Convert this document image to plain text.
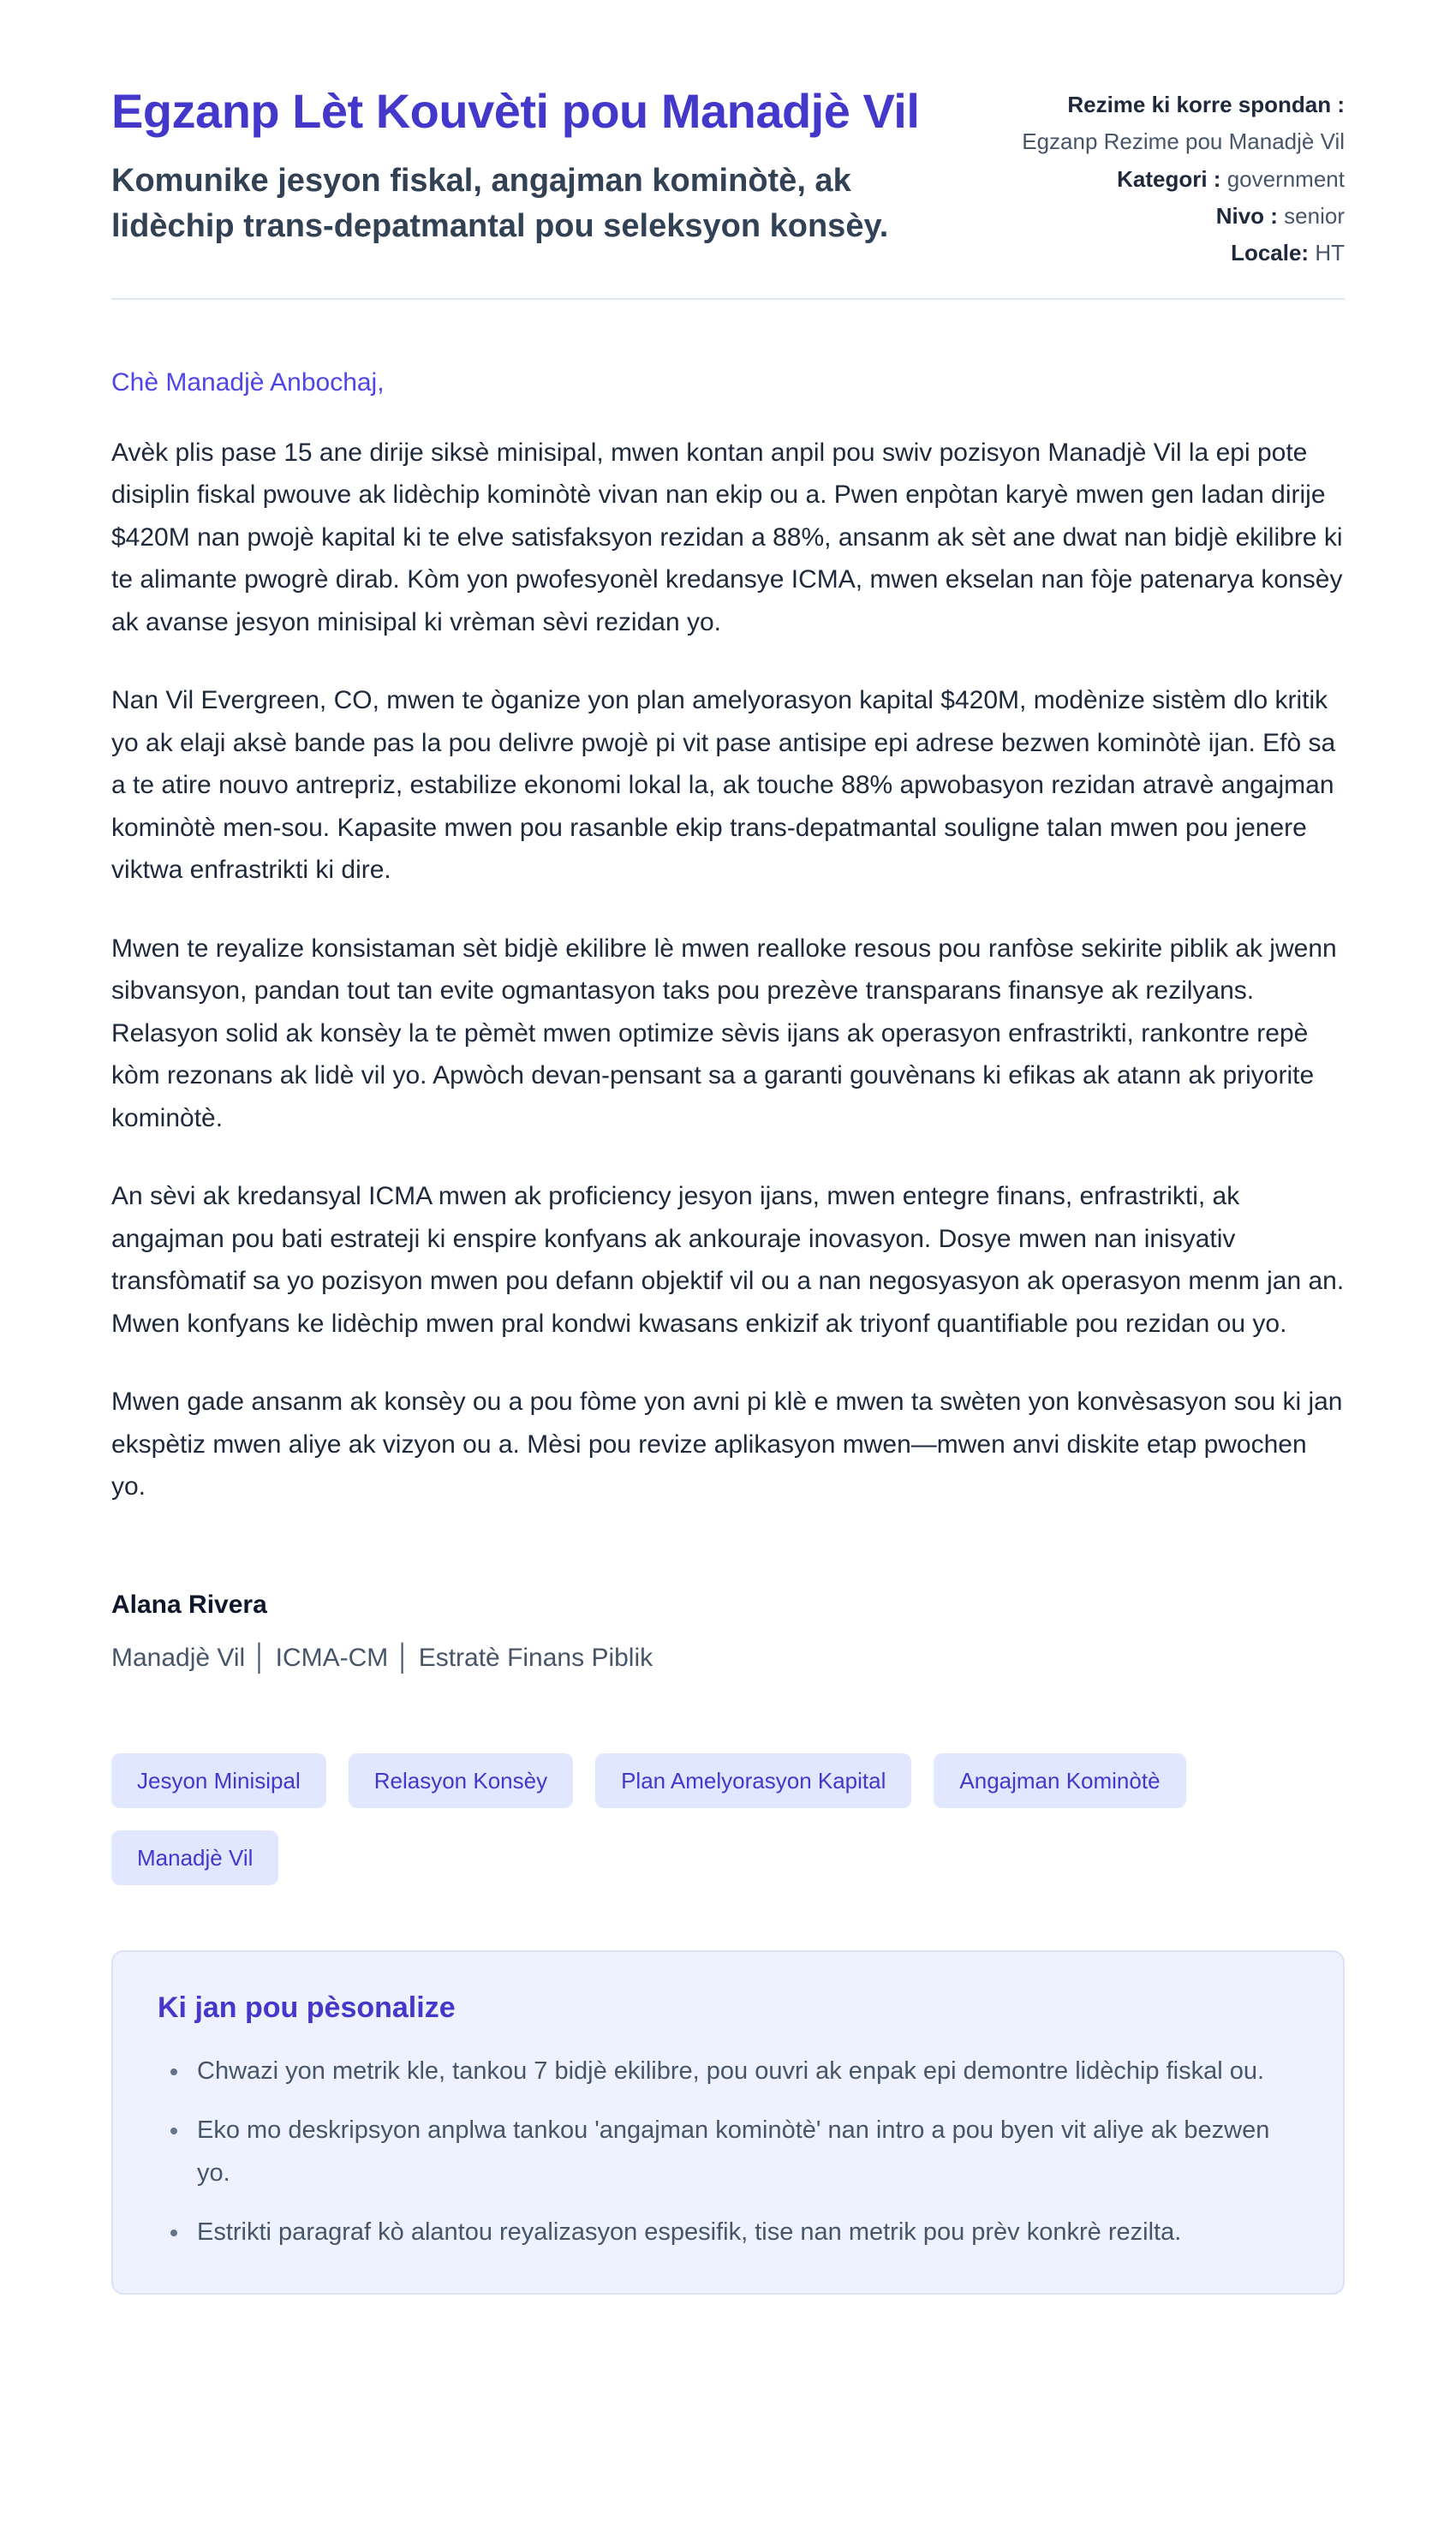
Egzanp Lèt Kouvèti pou Manadjè Vil
Komunike jesyon fiskal, angajman kominòtè, ak lidèchip trans-depatmantal pou seleksyon konsèy.
Rezime ki korre spondan :
Egzanp Rezime pou Manadjè Vil
Kategori : government
Nivo : senior
Locale: HT

Chè Manadjè Anbochaj,

Avèk plis pase 15 ane dirije siksè minisipal, mwen kontan anpil pou swiv pozisyon Manadjè Vil la epi pote disiplin fiskal pwouve ak lidèchip kominòtè vivan nan ekip ou a. Pwen enpòtan karyè mwen gen ladan dirije $420M nan pwojè kapital ki te elve satisfaksyon rezidan a 88%, ansanm ak sèt ane dwat nan bidjè ekilibre ki te alimante pwogrè dirab. Kòm yon pwofesyonèl kredansye ICMA, mwen ekselan nan fòje patenarya konsèy ak avanse jesyon minisipal ki vrèman sèvi rezidan yo.

Nan Vil Evergreen, CO, mwen te òganize yon plan amelyorasyon kapital $420M, modènize sistèm dlo kritik yo ak elaji aksè bande pas la pou delivre pwojè pi vit pase antisipe epi adrese bezwen kominòtè ijan. Efò sa a te atire nouvo antrepriz, estabilize ekonomi lokal la, ak touche 88% apwobasyon rezidan atravè angajman kominòtè men-sou. Kapasite mwen pou rasanble ekip trans-depatmantal souligne talan mwen pou jenere viktwa enfrastrikti ki dire.

Mwen te reyalize konsistaman sèt bidjè ekilibre lè mwen realloke resous pou ranfòse sekirite piblik ak jwenn sibvansyon, pandan tout tan evite ogmantasyon taks pou prezève transparans finansye ak rezilyans. Relasyon solid ak konsèy la te pèmèt mwen optimize sèvis ijans ak operasyon enfrastrikti, rankontre repè kòm rezonans ak lidè vil yo. Apwòch devan-pensant sa a garanti gouvènans ki efikas ak atann ak priyorite kominòtè.

An sèvi ak kredansyal ICMA mwen ak proficiency jesyon ijans, mwen entegre finans, enfrastrikti, ak angajman pou bati estrateji ki enspire konfyans ak ankouraje inovasyon. Dosye mwen nan inisyativ transfòmatif sa yo pozisyon mwen pou defann objektif vil ou a nan negosyasyon ak operasyon menm jan an. Mwen konfyans ke lidèchip mwen pral kondwi kwasans enkizif ak triyonf quantifiable pou rezidan ou yo.

Mwen gade ansanm ak konsèy ou a pou fòme yon avni pi klè e mwen ta swèten yon konvèsasyon sou ki jan ekspètiz mwen aliye ak vizyon ou a. Mèsi pou revize aplikasyon mwen—mwen anvi diskite etap pwochen yo.

Alana Rivera
Manadjè Vil │ ICMA-CM │ Estratè Finans Piblik
Jesyon Minisipal	Relasyon Konsèy	Plan Amelyorasyon Kapital	Angajman Kominòtè
Manadjè Vil
Ki jan pou pèsonalize
• Chwazi yon metrik kle, tankou 7 bidjè ekilibre, pou ouvri ak enpak epi demontre lidèchip fiskal ou.
• Eko mo deskripsyon anplwa tankou 'angajman kominòtè' nan intro a pou byen vit aliye ak bezwen yo.
• Estrikti paragraf kò alantou reyalizasyon espesifik, tise nan metrik pou prèv konkrè rezilta.
